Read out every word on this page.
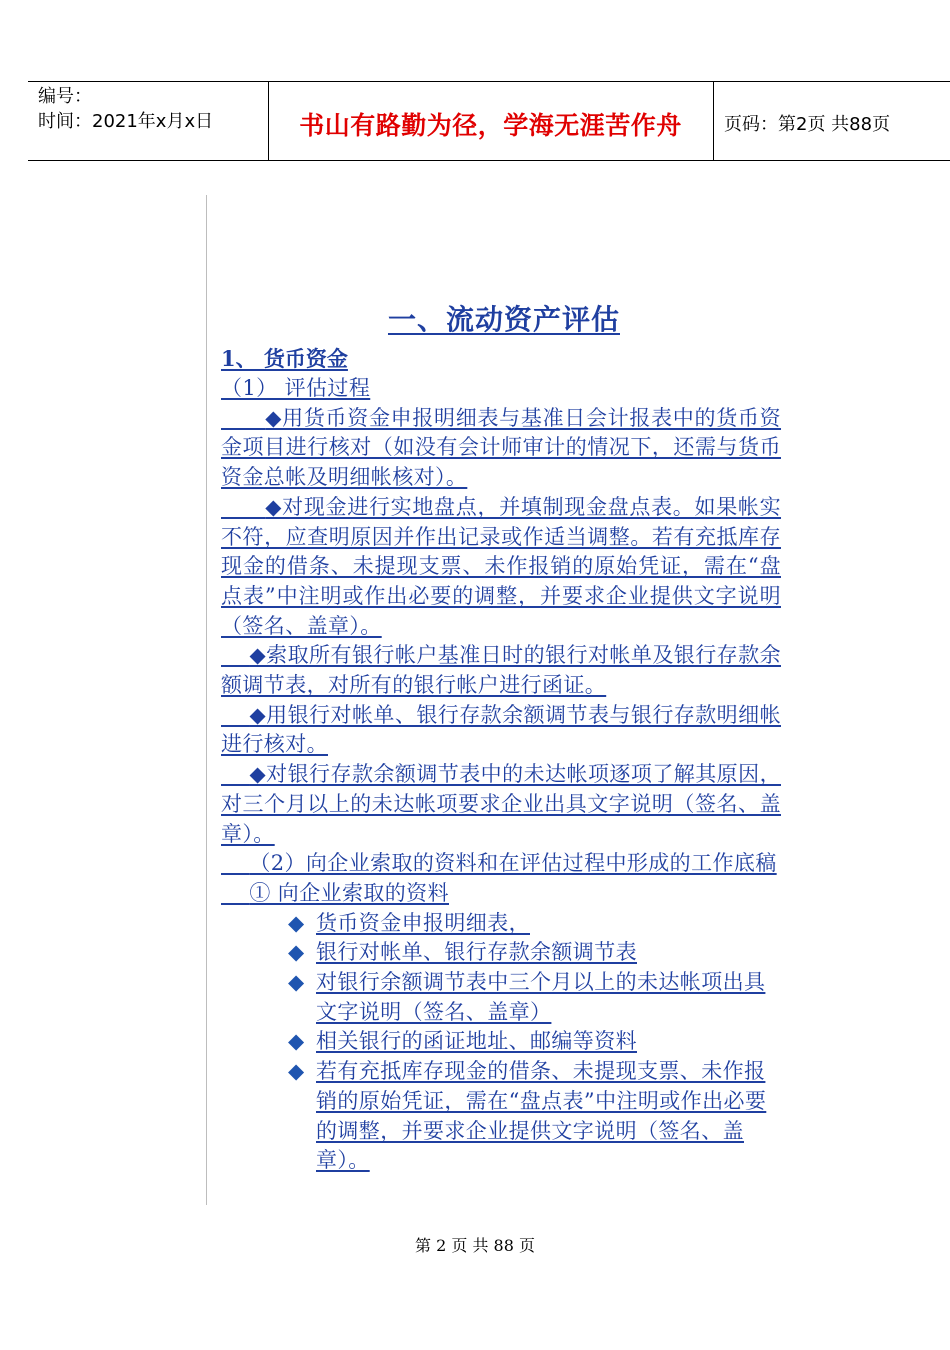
编号：
时间：2021年x月x日	书山有路勤为径，学海无涯苦作舟	页码：第2页 共88页
一、流动资产评估
1、 货币资金
（1） 评估过程
◆用货币资金申报明细表与基准日会计报表中的货币资金项目进行核对（如没有会计师审计的情况下，还需与货币资金总帐及明细帐核对）。
◆对现金进行实地盘点，并填制现金盘点表。如果帐实不符，应查明原因并作出记录或作适当调整。若有充抵库存现金的借条、未提现支票、未作报销的原始凭证，需在“盘点表”中注明或作出必要的调整，并要求企业提供文字说明（签名、盖章）。
◆索取所有银行帐户基准日时的银行对帐单及银行存款余额调节表，对所有的银行帐户进行函证。
◆用银行对帐单、银行存款余额调节表与银行存款明细帐进行核对。
◆对银行存款余额调节表中的未达帐项逐项了解其原因，对三个月以上的未达帐项要求企业出具文字说明（签名、盖章）。
（2）向企业索取的资料和在评估过程中形成的工作底稿
① 向企业索取的资料
◆ 货币资金申报明细表，
◆ 银行对帐单、银行存款余额调节表
◆ 对银行余额调节表中三个月以上的未达帐项出具文字说明（签名、盖章）
◆ 相关银行的函证地址、邮编等资料
◆ 若有充抵库存现金的借条、未提现支票、未作报销的原始凭证，需在“盘点表”中注明或作出必要的调整，并要求企业提供文字说明（签名、盖章）。
第 2 页 共 88 页
